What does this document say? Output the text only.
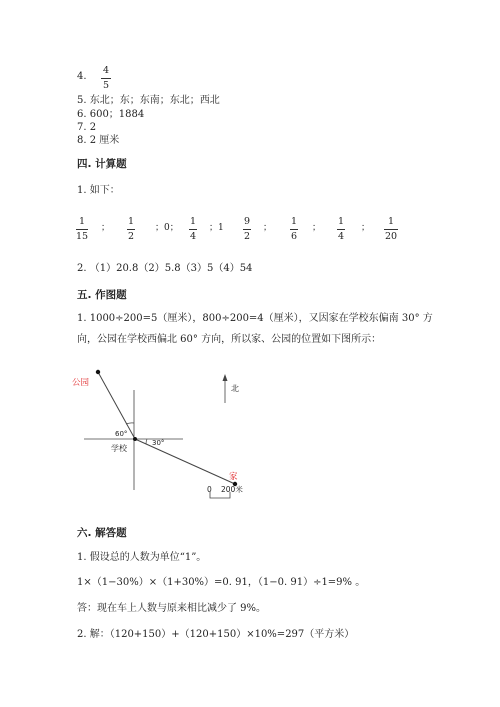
4. $\frac{4}{5}$
5. 东北；东；东南；东北；西北
6. 600；1884
7. 2
8. 2 厘米
四. 计算题
1. 如下：
$\frac{1}{15}$ ； $\frac{1}{2}$ ；0； $\frac{1}{4}$ ；$1 \frac{9}{2}$ ； $\frac{1}{6}$ ； $\frac{1}{4}$ ； $\frac{1}{20}$
2. （1）20.8（2）5.8（3）5（4）54
五. 作图题
1. 1000÷200=5（厘米），800÷200=4（厘米），又因家在学校东偏南 30° 方
向，公园在学校西偏北 60° 方向，所以家、公园的位置如下图所示：
公园
家
学校
北
60°
30°
0 200米
六. 解答题
1. 假设总的人数为单位“1”。
1×（1−30%）×（1+30%）=0. 91，（1−0. 91）÷1=9% 。
答：现在车上人数与原来相比减少了 9%。
2. 解：（120+150）+（120+150）×10%=297（平方米）
